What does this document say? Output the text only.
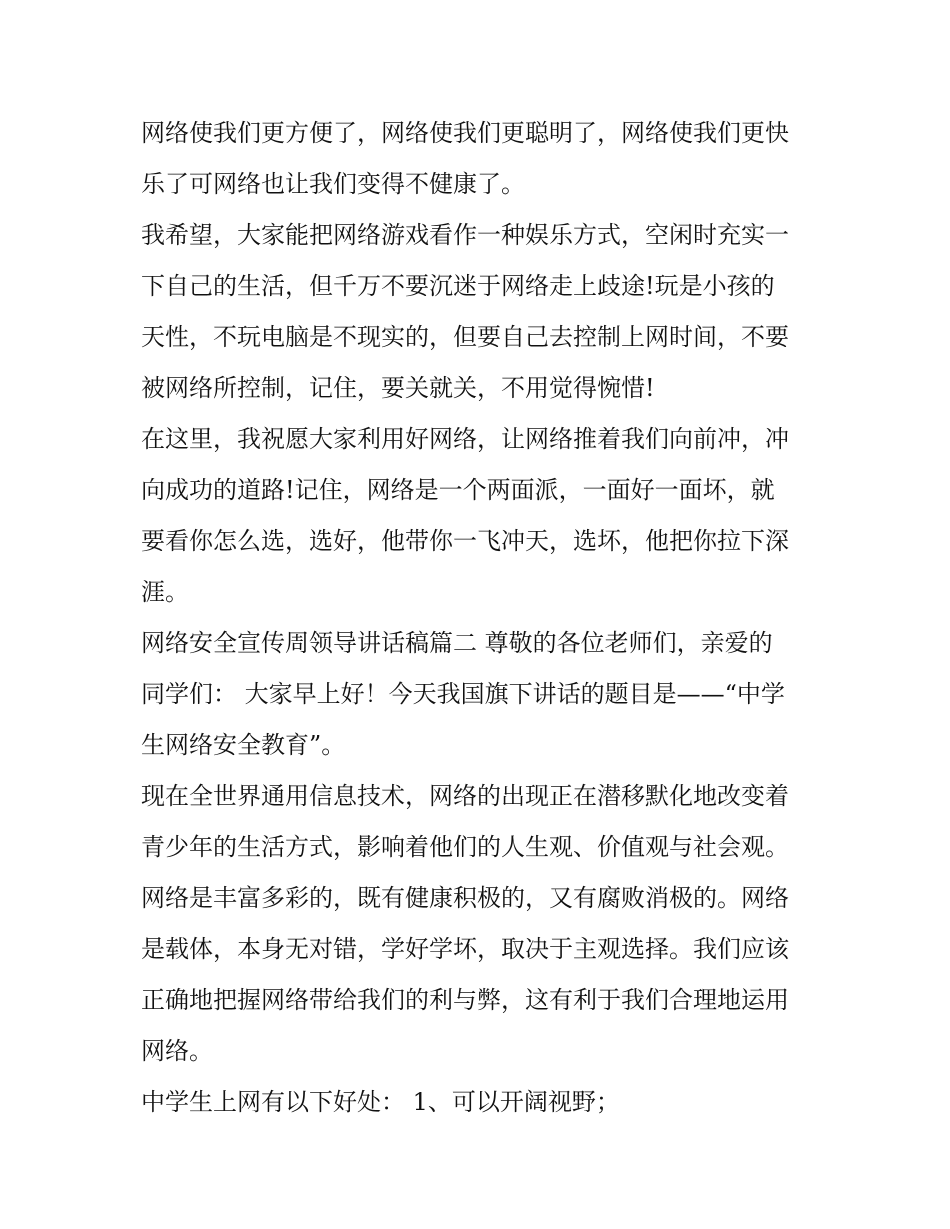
网络使我们更方便了，网络使我们更聪明了，网络使我们更快
乐了可网络也让我们变得不健康了。
我希望，大家能把网络游戏看作一种娱乐方式，空闲时充实一
下自己的生活，但千万不要沉迷于网络走上歧途!玩是小孩的
天性，不玩电脑是不现实的，但要自己去控制上网时间，不要
被网络所控制，记住，要关就关，不用觉得惋惜!
在这里，我祝愿大家利用好网络，让网络推着我们向前冲，冲
向成功的道路!记住，网络是一个两面派，一面好一面坏，就
要看你怎么选，选好，他带你一飞冲天，选坏，他把你拉下深
涯。
网络安全宣传周领导讲话稿篇二 尊敬的各位老师们，亲爱的
同学们： 大家早上好！今天我国旗下讲话的题目是——“中学
生网络安全教育”。
现在全世界通用信息技术，网络的出现正在潜移默化地改变着
青少年的生活方式，影响着他们的人生观、价值观与社会观。
网络是丰富多彩的，既有健康积极的，又有腐败消极的。网络
是载体，本身无对错，学好学坏，取决于主观选择。我们应该
正确地把握网络带给我们的利与弊，这有利于我们合理地运用
网络。
中学生上网有以下好处： 1、可以开阔视野；
